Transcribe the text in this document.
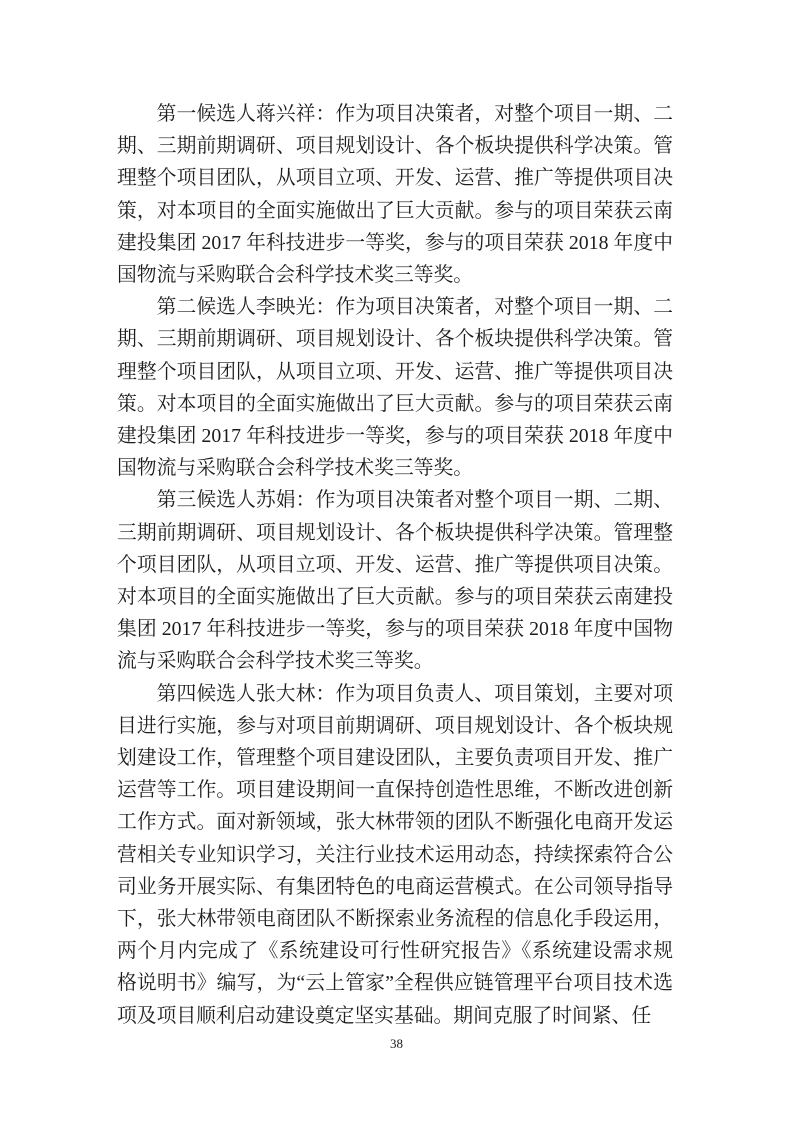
第一候选人蒋兴祥：作为项目决策者，对整个项目一期、二期、三期前期调研、项目规划设计、各个板块提供科学决策。管理整个项目团队，从项目立项、开发、运营、推广等提供项目决策，对本项目的全面实施做出了巨大贡献。参与的项目荣获云南建投集团 2017 年科技进步一等奖，参与的项目荣获 2018 年度中国物流与采购联合会科学技术奖三等奖。

第二候选人李映光：作为项目决策者，对整个项目一期、二期、三期前期调研、项目规划设计、各个板块提供科学决策。管理整个项目团队，从项目立项、开发、运营、推广等提供项目决策。对本项目的全面实施做出了巨大贡献。参与的项目荣获云南建投集团 2017 年科技进步一等奖，参与的项目荣获 2018 年度中国物流与采购联合会科学技术奖三等奖。

第三候选人苏娟：作为项目决策者对整个项目一期、二期、三期前期调研、项目规划设计、各个板块提供科学决策。管理整个项目团队，从项目立项、开发、运营、推广等提供项目决策。对本项目的全面实施做出了巨大贡献。参与的项目荣获云南建投集团 2017 年科技进步一等奖，参与的项目荣获 2018 年度中国物流与采购联合会科学技术奖三等奖。

第四候选人张大林：作为项目负责人、项目策划，主要对项目进行实施，参与对项目前期调研、项目规划设计、各个板块规划建设工作，管理整个项目建设团队，主要负责项目开发、推广运营等工作。项目建设期间一直保持创造性思维，不断改进创新工作方式。面对新领域，张大林带领的团队不断强化电商开发运营相关专业知识学习，关注行业技术运用动态，持续探索符合公司业务开展实际、有集团特色的电商运营模式。在公司领导指导下，张大林带领电商团队不断探索业务流程的信息化手段运用，两个月内完成了《系统建设可行性研究报告》《系统建设需求规格说明书》编写，为“云上管家”全程供应链管理平台项目技术选项及项目顺利启动建设奠定坚实基础。期间克服了时间紧、任

38
